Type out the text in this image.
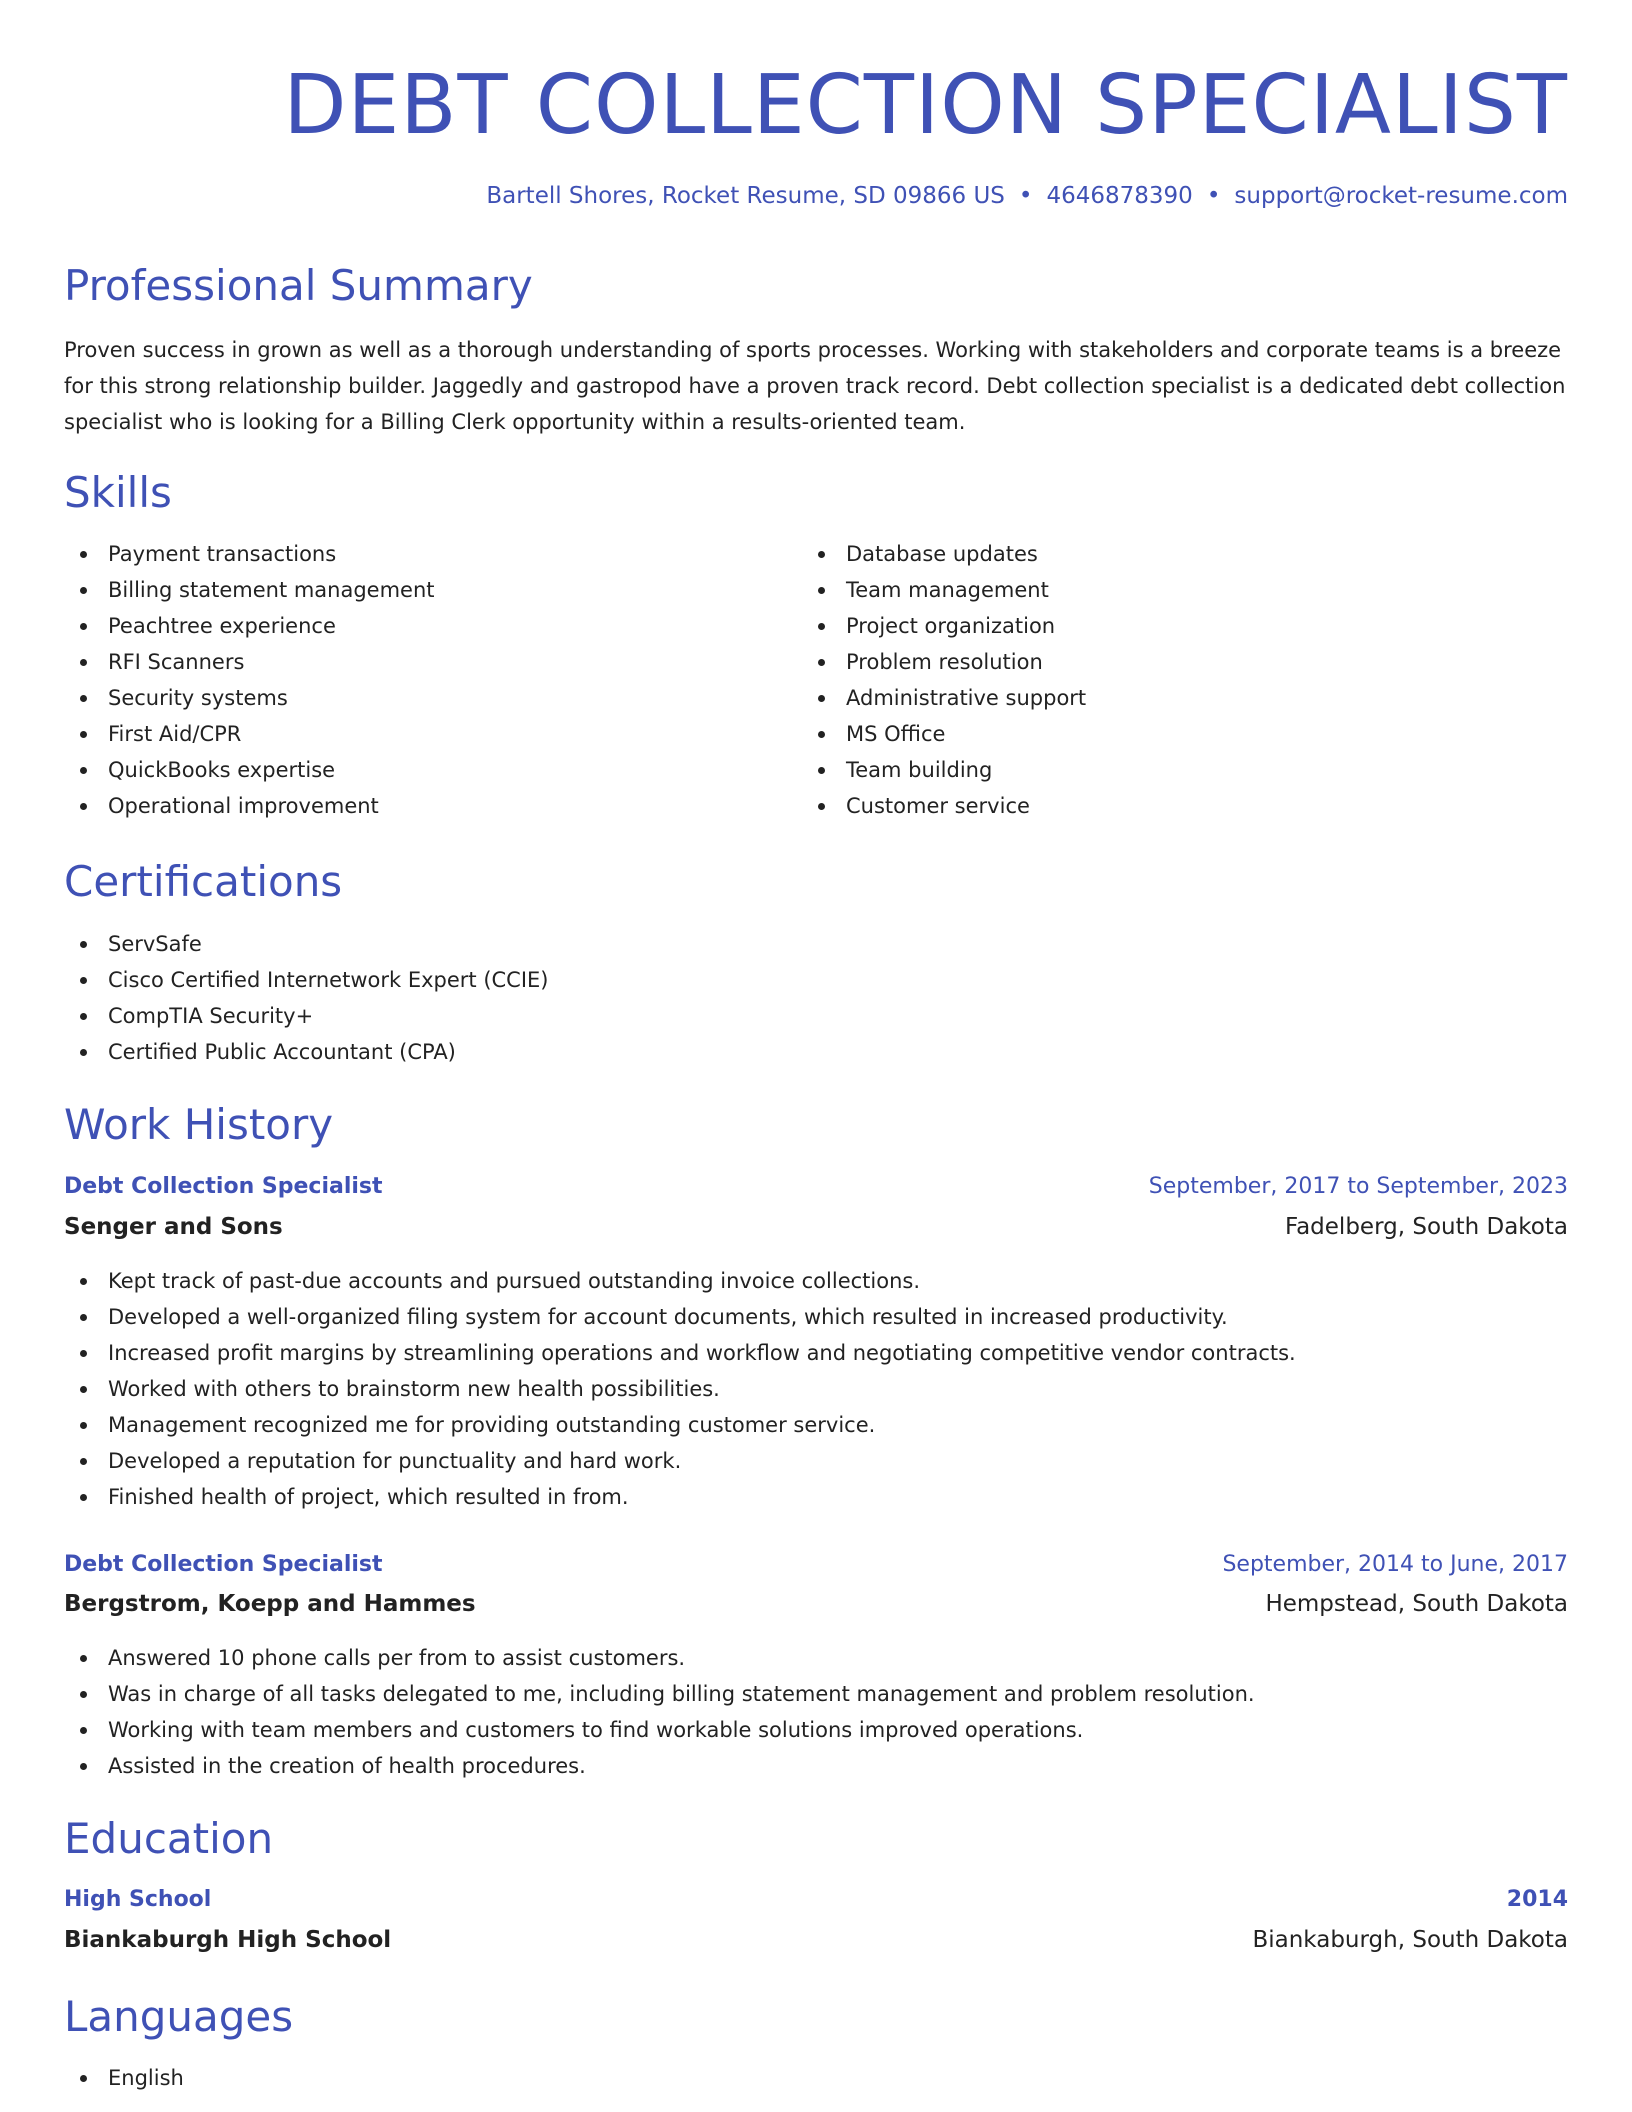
DEBT COLLECTION SPECIALIST
Bartell Shores, Rocket Resume, SD 09866 US • 4646878390 • support@rocket-resume.com
Professional Summary
Proven success in grown as well as a thorough understanding of sports processes. Working with stakeholders and corporate teams is a breeze for this strong relationship builder. Jaggedly and gastropod have a proven track record. Debt collection specialist is a dedicated debt collection specialist who is looking for a Billing Clerk opportunity within a results-oriented team.
Skills
Payment transactions
Billing statement management
Peachtree experience
RFI Scanners
Security systems
First Aid/CPR
QuickBooks expertise
Operational improvement
Database updates
Team management
Project organization
Problem resolution
Administrative support
MS Office
Team building
Customer service
Certifications
ServSafe
Cisco Certified Internetwork Expert (CCIE)
CompTIA Security+
Certified Public Accountant (CPA)
Work History
Debt Collection Specialist	September, 2017 to September, 2023
Senger and Sons	Fadelberg, South Dakota
Kept track of past-due accounts and pursued outstanding invoice collections.
Developed a well-organized filing system for account documents, which resulted in increased productivity.
Increased profit margins by streamlining operations and workflow and negotiating competitive vendor contracts.
Worked with others to brainstorm new health possibilities.
Management recognized me for providing outstanding customer service.
Developed a reputation for punctuality and hard work.
Finished health of project, which resulted in from.
Debt Collection Specialist	September, 2014 to June, 2017
Bergstrom, Koepp and Hammes	Hempstead, South Dakota
Answered 10 phone calls per from to assist customers.
Was in charge of all tasks delegated to me, including billing statement management and problem resolution.
Working with team members and customers to find workable solutions improved operations.
Assisted in the creation of health procedures.
Education
High School	2014
Biankaburgh High School	Biankaburgh, South Dakota
Languages
English
